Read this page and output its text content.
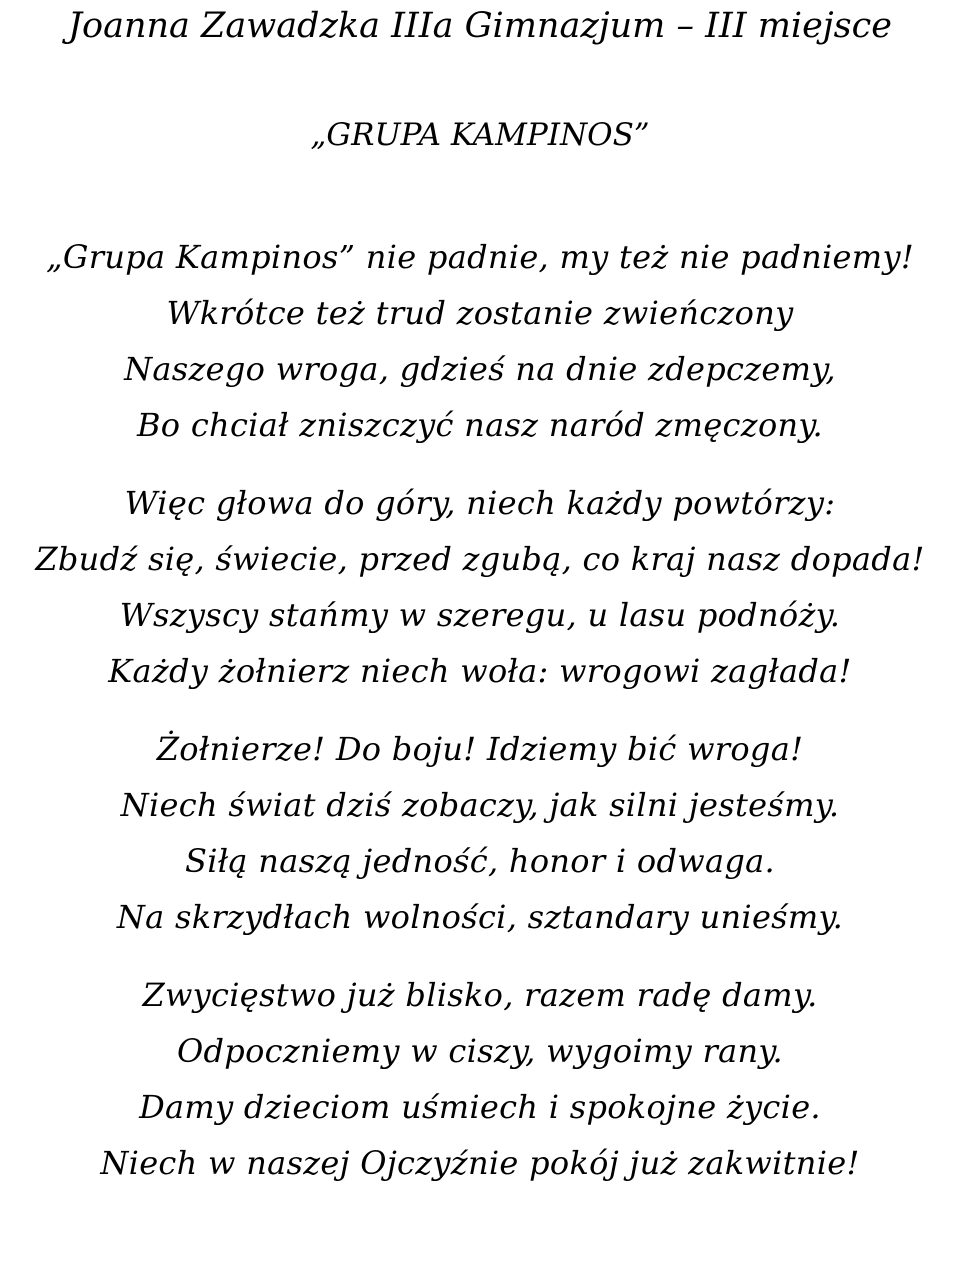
Joanna Zawadzka IIIa Gimnazjum – III miejsce
„GRUPA KAMPINOS”
„Grupa Kampinos” nie padnie, my też nie padniemy!
Wkrótce też trud zostanie zwieńczony
Naszego wroga, gdzieś na dnie zdepczemy,
Bo chciał zniszczyć nasz naród zmęczony.
Więc głowa do góry, niech każdy powtórzy:
Zbudź się, świecie, przed zgubą, co kraj nasz dopada!
Wszyscy stańmy w szeregu, u lasu podnóży.
Każdy żołnierz niech woła: wrogowi zagłada!
Żołnierze! Do boju! Idziemy bić wroga!
Niech świat dziś zobaczy, jak silni jesteśmy.
Siłą naszą jedność, honor i odwaga.
Na skrzydłach wolności, sztandary unieśmy.
Zwycięstwo już blisko, razem radę damy.
Odpoczniemy w ciszy, wygoimy rany.
Damy dzieciom uśmiech i spokojne życie.
Niech w naszej Ojczyźnie pokój już zakwitnie!
